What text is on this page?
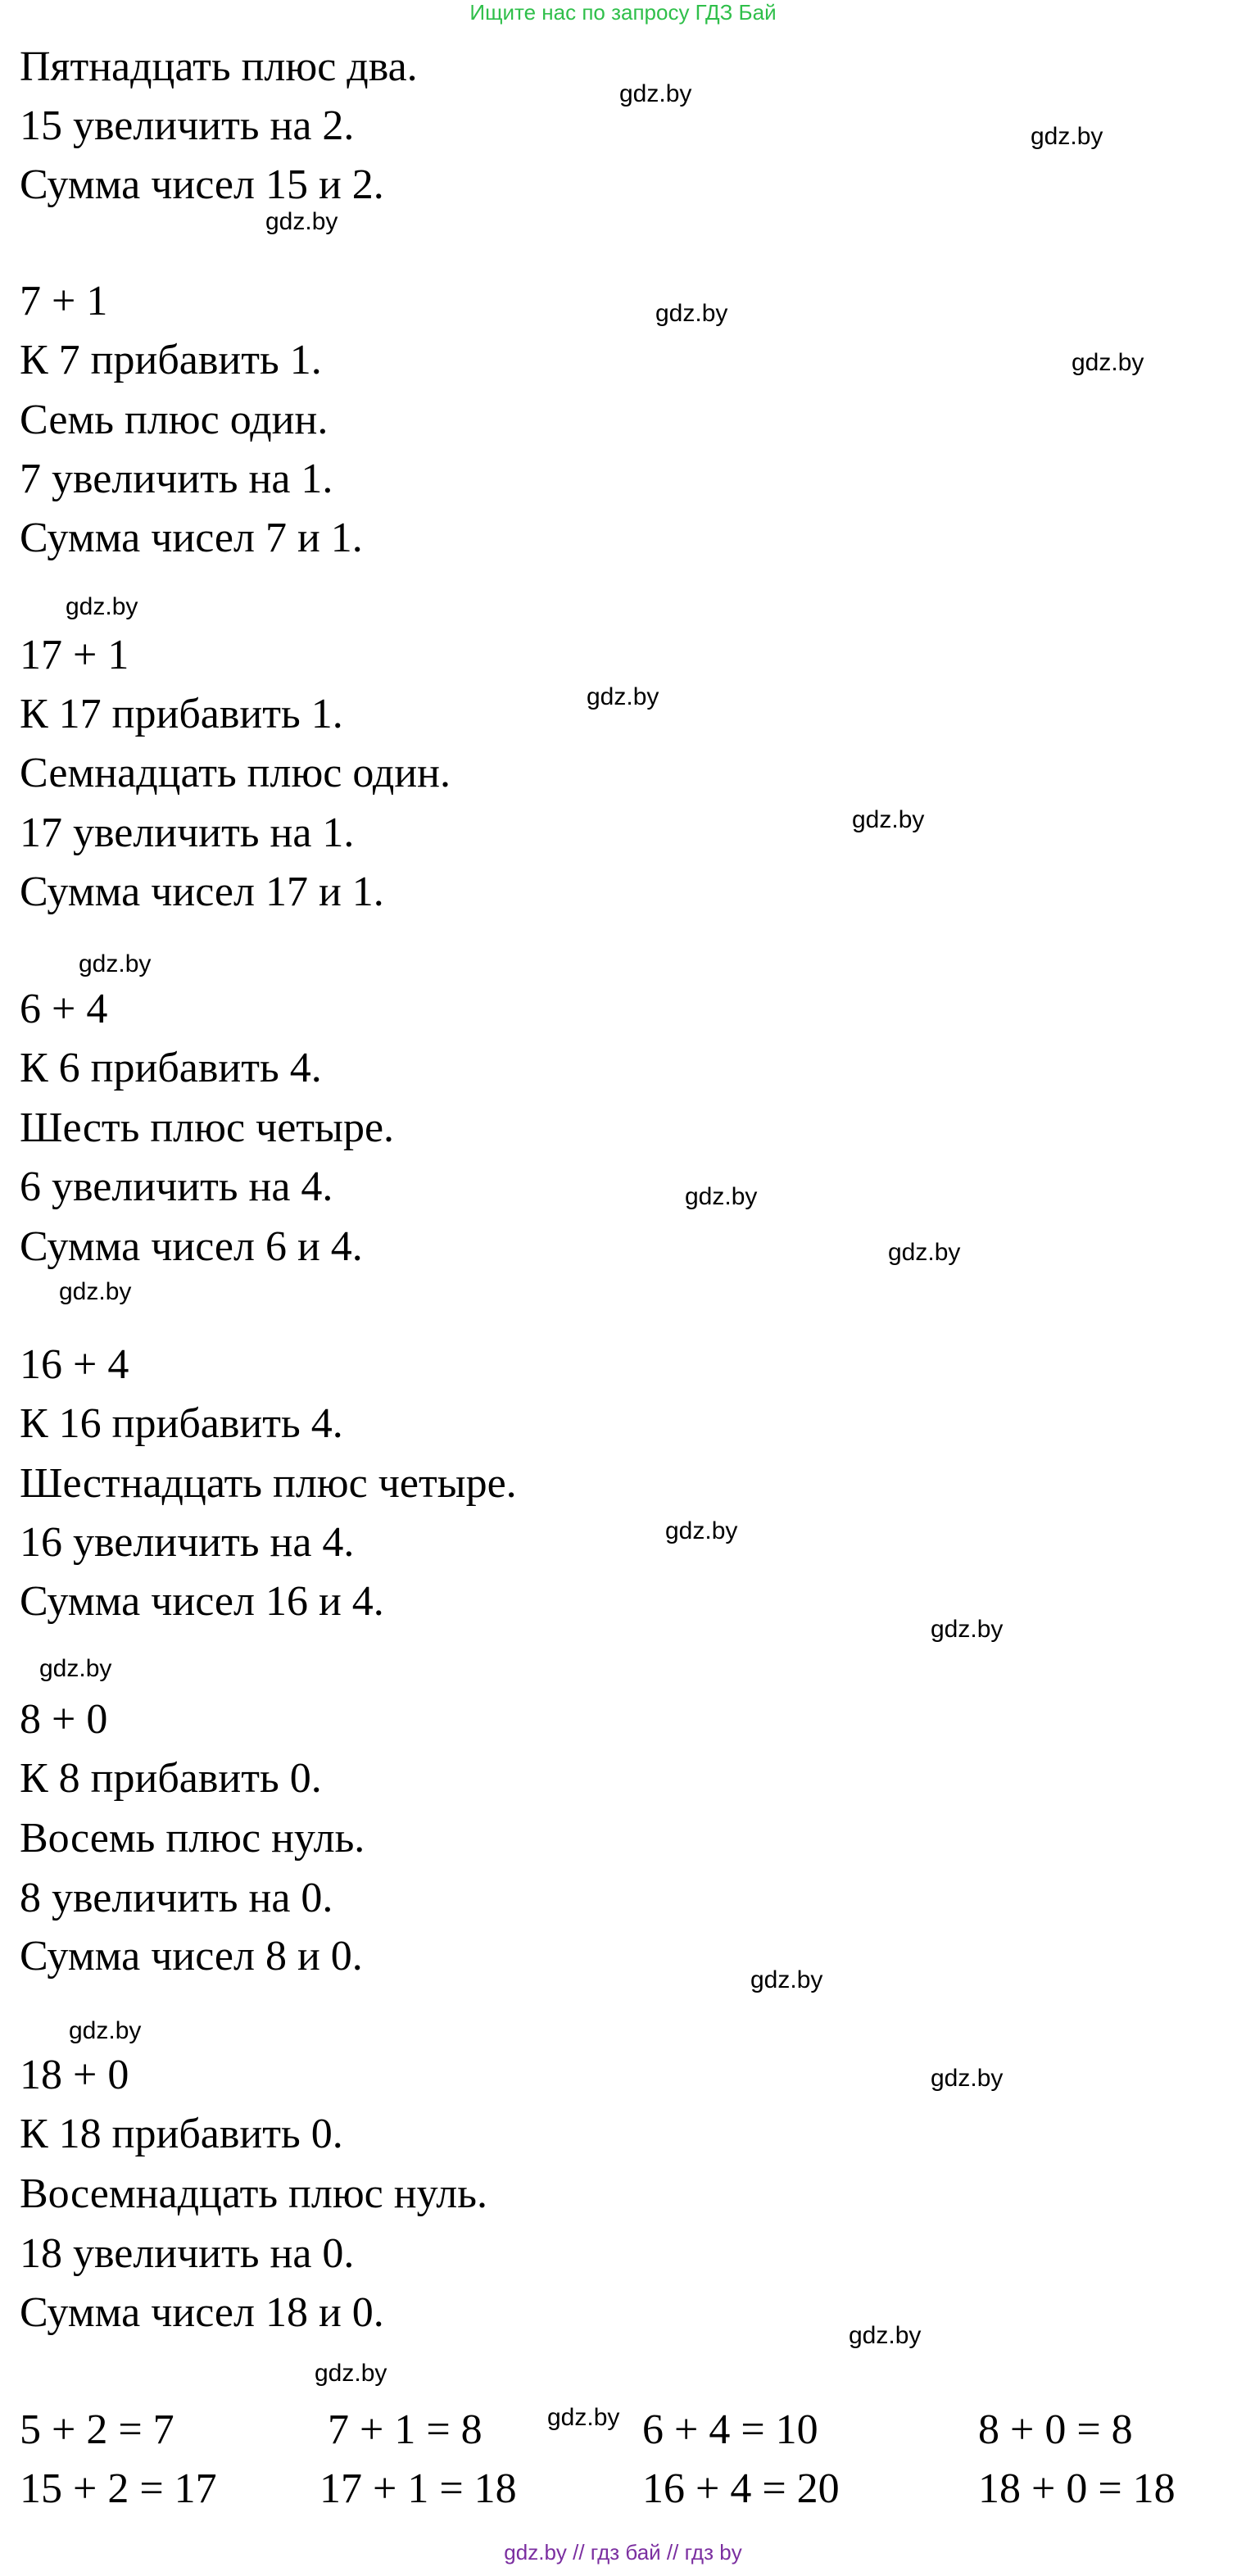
Ищите нас по запросу ГДЗ Бай
Пятнадцать плюс два.
15 увеличить на 2.
Сумма чисел 15 и 2.
7 + 1
К 7 прибавить 1.
Семь плюс один.
7 увеличить на 1.
Сумма чисел 7 и 1.
17 + 1
К 17 прибавить 1.
Семнадцать плюс один.
17 увеличить на 1.
Сумма чисел 17 и 1.
6 + 4
К 6 прибавить 4.
Шесть плюс четыре.
6 увеличить на 4.
Сумма чисел 6 и 4.
16 + 4
К 16 прибавить 4.
Шестнадцать плюс четыре.
16 увеличить на 4.
Сумма чисел 16 и 4.
8 + 0
К 8 прибавить 0.
Восемь плюс нуль.
8 увеличить на 0.
Сумма чисел 8 и 0.
18 + 0
К 18 прибавить 0.
Восемнадцать плюс нуль.
18 увеличить на 0.
Сумма чисел 18 и 0.
5 + 2 = 7	7 + 1 = 8	6 + 4 = 10	8 + 0 = 8
15 + 2 = 17 17 + 1 = 18	16 + 4 = 20	18 + 0 = 18
gdz.by
gdz.by
gdz.by
gdz.by
gdz.by
gdz.by
gdz.by
gdz.by
gdz.by
gdz.by
gdz.by
gdz.by
gdz.by
gdz.by
gdz.by
gdz.by
gdz.by
gdz.by
gdz.by
gdz.by
gdz.by
gdz.by // гдз бай // гдз by
